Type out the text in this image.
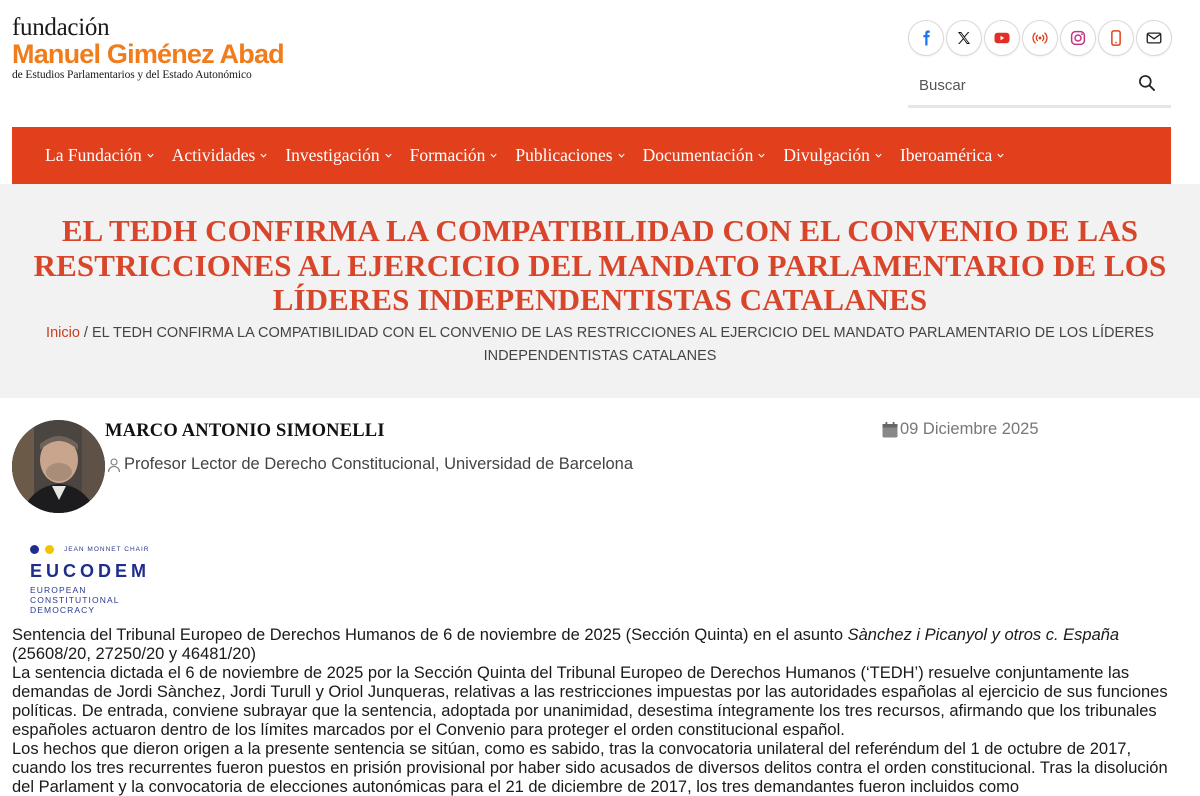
fundación
Manuel Giménez Abad
de Estudios Parlamentarios y del Estado Autonómico
Buscar
La Fundación Actividades Investigación Formación Publicaciones Documentación Divulgación Iberoamérica
EL TEDH CONFIRMA LA COMPATIBILIDAD CON EL CONVENIO DE LAS RESTRICCIONES AL EJERCICIO DEL MANDATO PARLAMENTARIO DE LOS LÍDERES INDEPENDENTISTAS CATALANES
Inicio / EL TEDH CONFIRMA LA COMPATIBILIDAD CON EL CONVENIO DE LAS RESTRICCIONES AL EJERCICIO DEL MANDATO PARLAMENTARIO DE LOS LÍDERES INDEPENDENTISTAS CATALANES
MARCO ANTONIO SIMONELLI
Profesor Lector de Derecho Constitucional, Universidad de Barcelona
09 Diciembre 2025
JEAN MONNET CHAIR
EUCODEM
EUROPEAN
CONSTITUTIONAL
DEMOCRACY

Sentencia del Tribunal Europeo de Derechos Humanos de 6 de noviembre de 2025 (Sección Quinta) en el asunto Sànchez i Picanyol y otros c. España (25608/20, 27250/20 y 46481/20)

La sentencia dictada el 6 de noviembre de 2025 por la Sección Quinta del Tribunal Europeo de Derechos Humanos (‘TEDH’) resuelve conjuntamente las demandas de Jordi Sànchez, Jordi Turull y Oriol Junqueras, relativas a las restricciones impuestas por las autoridades españolas al ejercicio de sus funciones políticas. De entrada, conviene subrayar que la sentencia, adoptada por unanimidad, desestima íntegramente los tres recursos, afirmando que los tribunales españoles actuaron dentro de los límites marcados por el Convenio para proteger el orden constitucional español.

Los hechos que dieron origen a la presente sentencia se sitúan, como es sabido, tras la convocatoria unilateral del referéndum del 1 de octubre de 2017, cuando los tres recurrentes fueron puestos en prisión provisional por haber sido acusados de diversos delitos contra el orden constitucional. Tras la disolución del Parlament y la convocatoria de elecciones autonómicas para el 21 de diciembre de 2017, los tres demandantes fueron incluidos como
